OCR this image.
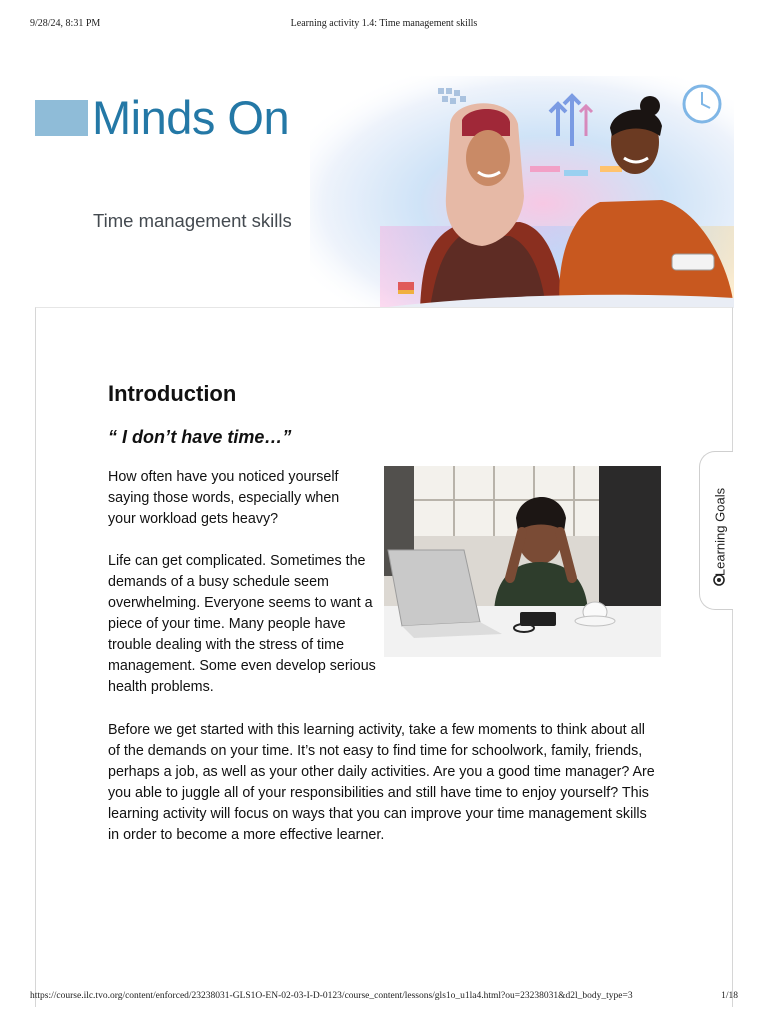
9/28/24, 8:31 PM	Learning activity 1.4: Time management skills
Minds On
Time management skills
Introduction
“ I don’t have time…”

How often have you noticed yourself saying those words, especially when your workload gets heavy?

Life can get complicated. Sometimes the demands of a busy schedule seem overwhelming. Everyone seems to want a piece of your time. Many people have trouble dealing with the stress of time management. Some even develop serious health problems.

Before we get started with this learning activity, take a few moments to think about all of the demands on your time. It’s not easy to find time for schoolwork, family, friends, perhaps a job, as well as your other daily activities. Are you a good time manager? Are you able to juggle all of your responsibilities and still have time to enjoy yourself? This learning activity will focus on ways that you can improve your time management skills in order to become a more effective learner.

Learning Goals
https://course.ilc.tvo.org/content/enforced/23238031-GLS1O-EN-02-03-I-D-0123/course_content/lessons/gls1o_u1la4.html?ou=23238031&d2l_body_type=3	1/18
